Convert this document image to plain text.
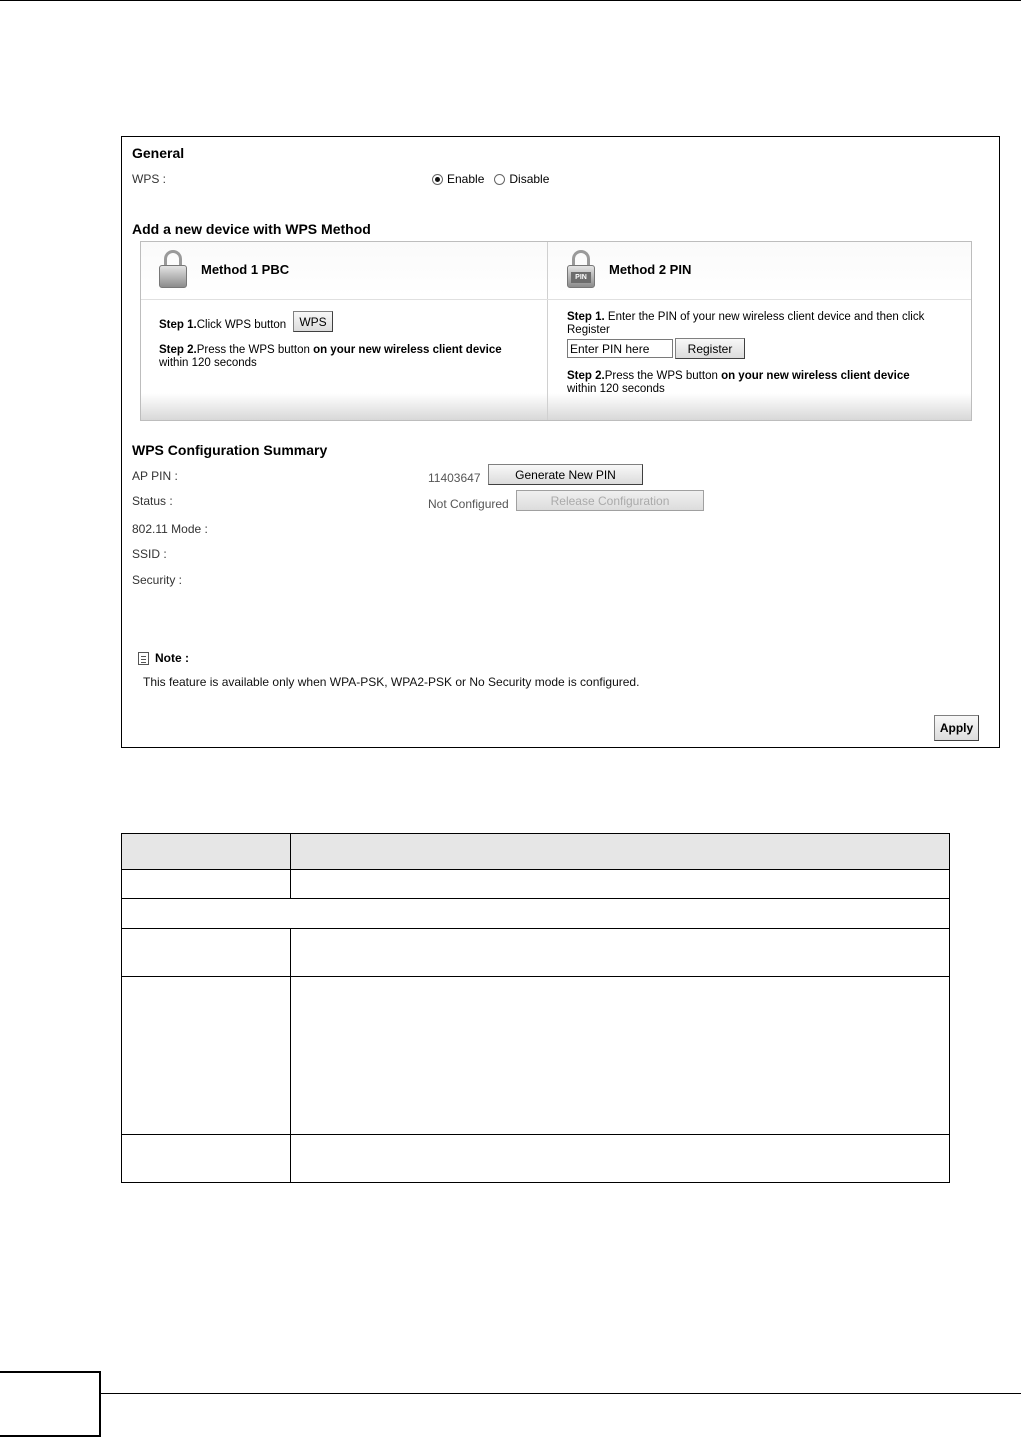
General
WPS :	Enable Disable
Add a new device with WPS Method
Method 1 PBC
Step 1.Click WPS button	WPS
Step 2.Press the WPS button on your new wireless client device within 120 seconds
PIN
Method 2 PIN
Step 1. Enter the PIN of your new wireless client device and then click Register
Enter PIN here
Register
Step 2.Press the WPS button on your new wireless client device within 120 seconds
WPS Configuration Summary
AP PIN :	11403647	Generate New PIN
Status :	Not Configured	Release Configuration
802.11 Mode :
SSID :
Security :
Note :
This feature is available only when WPA-PSK, WPA2-PSK or No Security mode is configured.
Apply
